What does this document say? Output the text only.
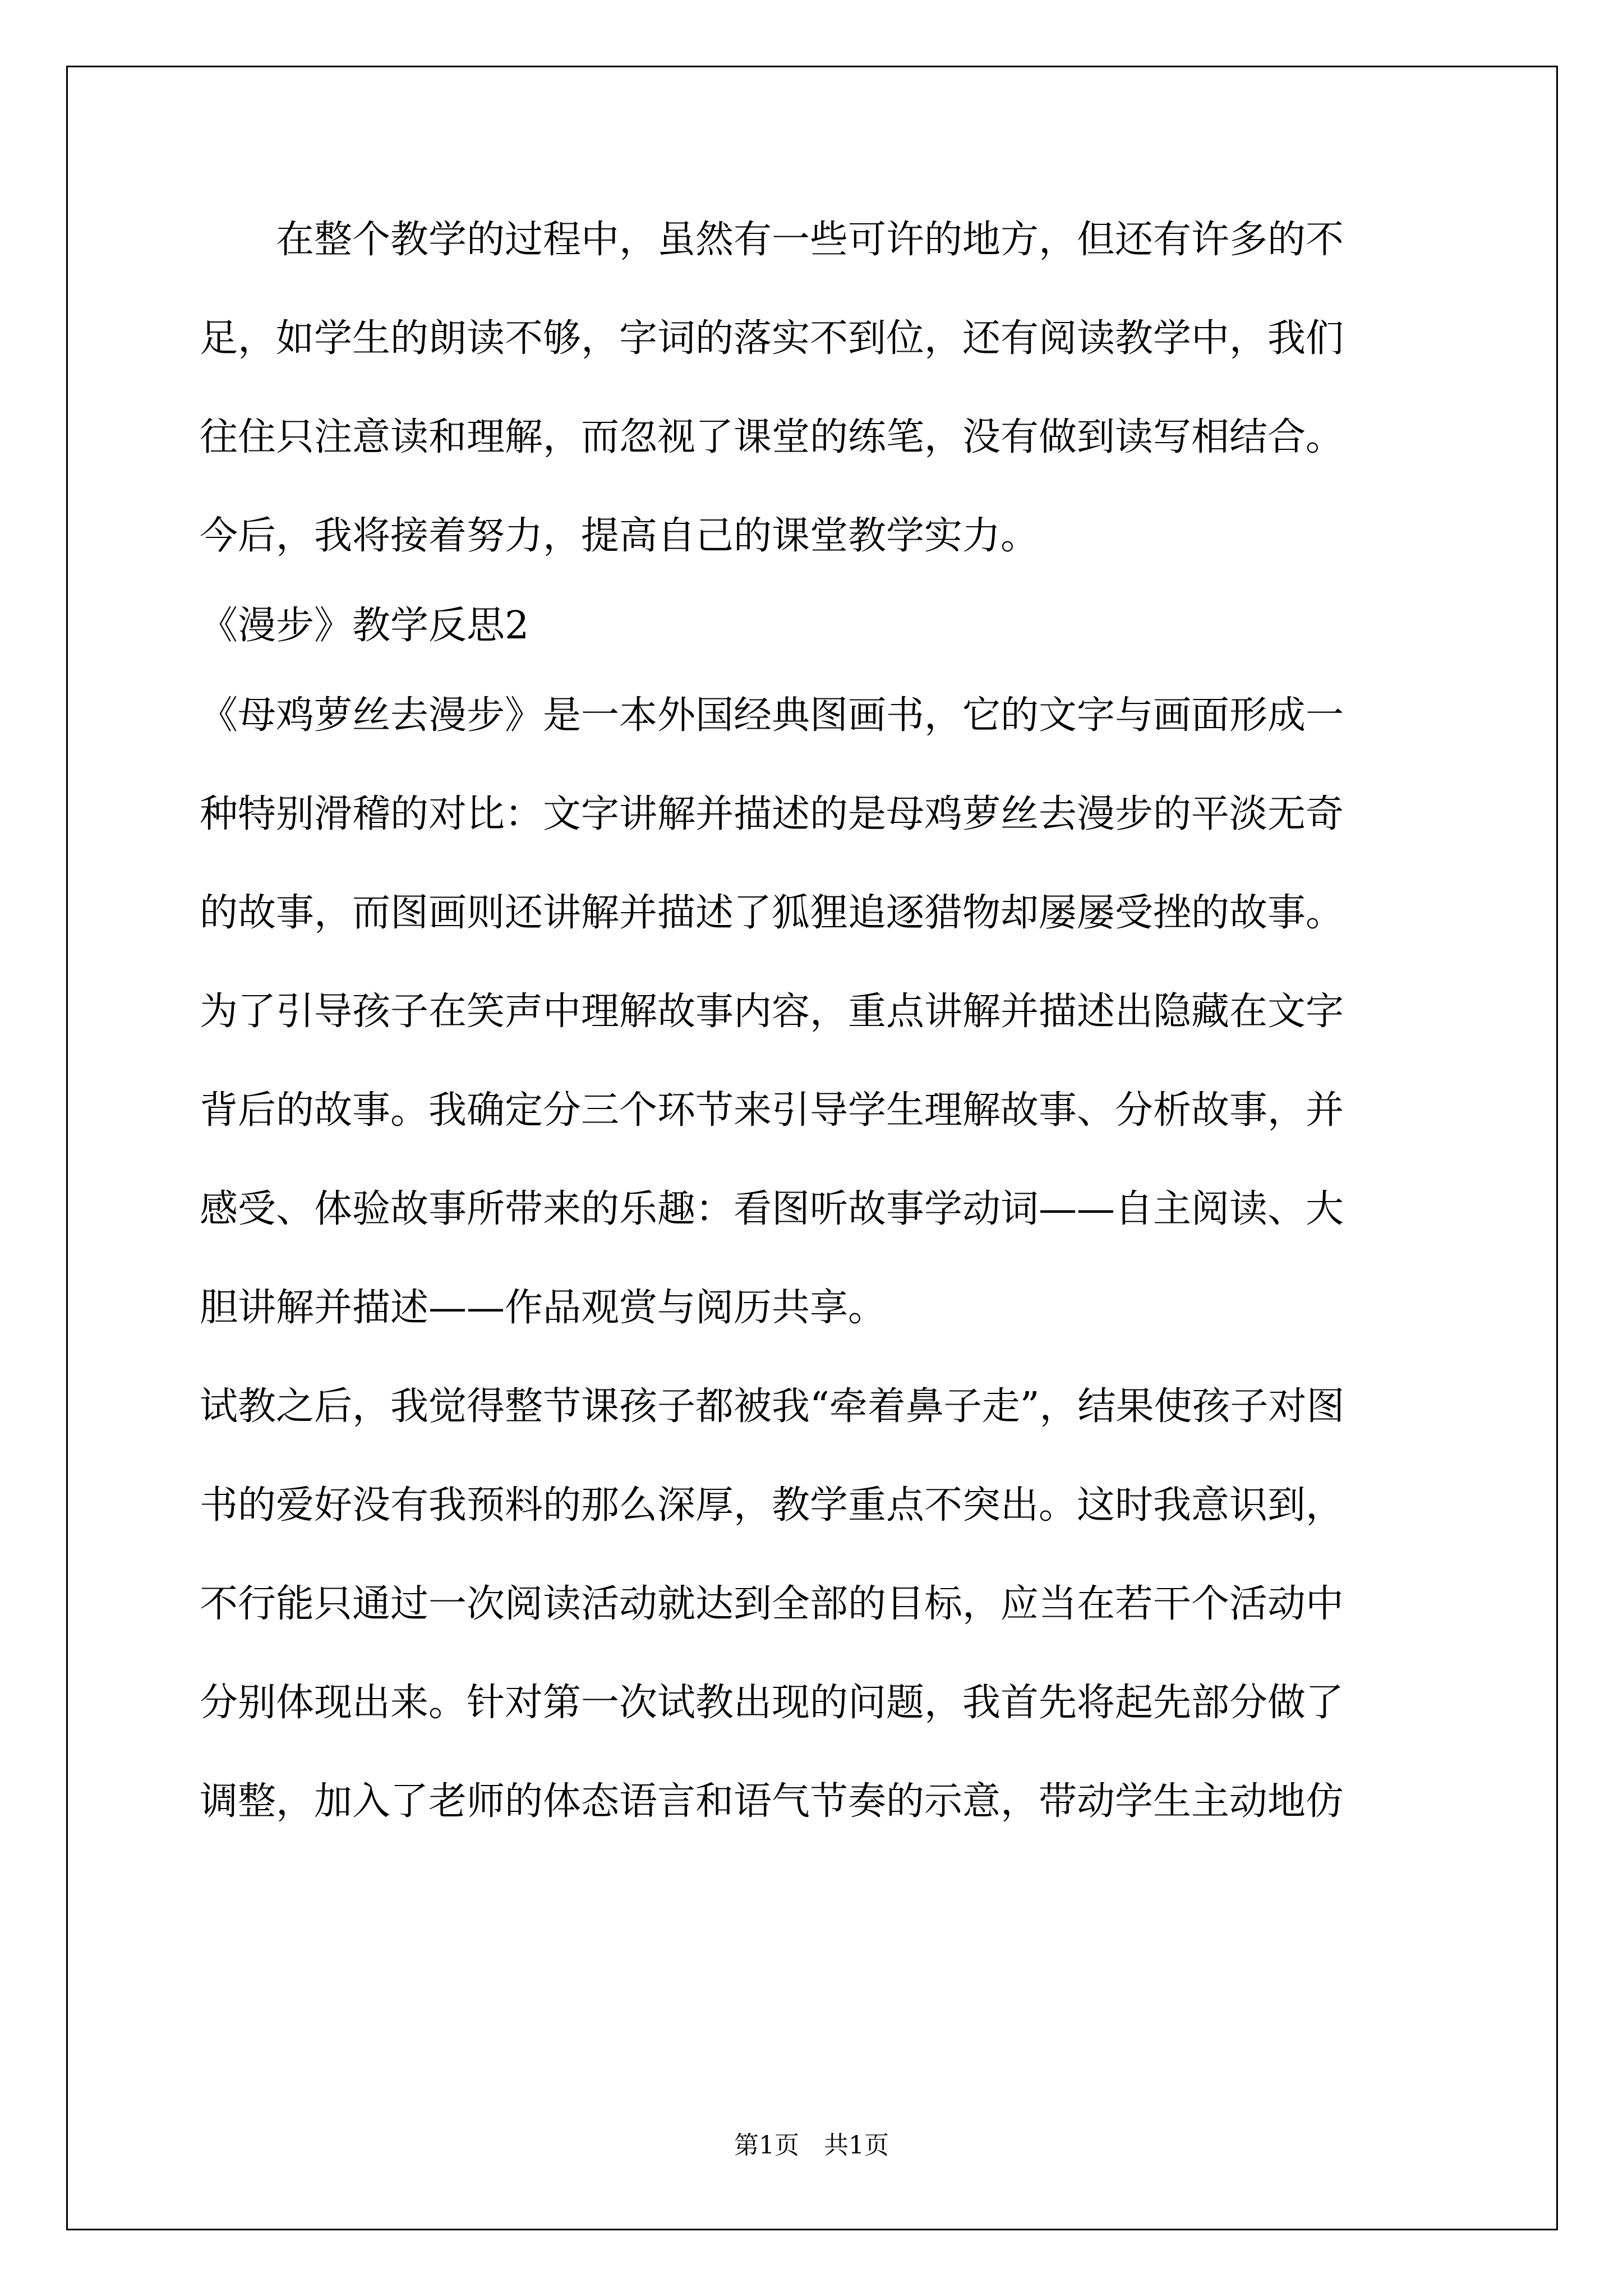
　　在整个教学的过程中，虽然有一些可许的地方，但还有许多的不
足，如学生的朗读不够，字词的落实不到位，还有阅读教学中，我们
往住只注意读和理解，而忽视了课堂的练笔，没有做到读写相结合。
今后，我将接着努力，提高自己的课堂教学实力。
《漫步》教学反思2
《母鸡萝丝去漫步》是一本外国经典图画书，它的文字与画面形成一
种特别滑稽的对比：文字讲解并描述的是母鸡萝丝去漫步的平淡无奇
的故事，而图画则还讲解并描述了狐狸追逐猎物却屡屡受挫的故事。
为了引导孩子在笑声中理解故事内容，重点讲解并描述出隐藏在文字
背后的故事。我确定分三个环节来引导学生理解故事、分析故事，并
感受、体验故事所带来的乐趣：看图听故事学动词——自主阅读、大
胆讲解并描述——作品观赏与阅历共享。
试教之后，我觉得整节课孩子都被我“牵着鼻子走”，结果使孩子对图
书的爱好没有我预料的那么深厚，教学重点不突出。这时我意识到，
不行能只通过一次阅读活动就达到全部的目标，应当在若干个活动中
分别体现出来。针对第一次试教出现的问题，我首先将起先部分做了
调整，加入了老师的体态语言和语气节奏的示意，带动学生主动地仿
第1页　共1页
